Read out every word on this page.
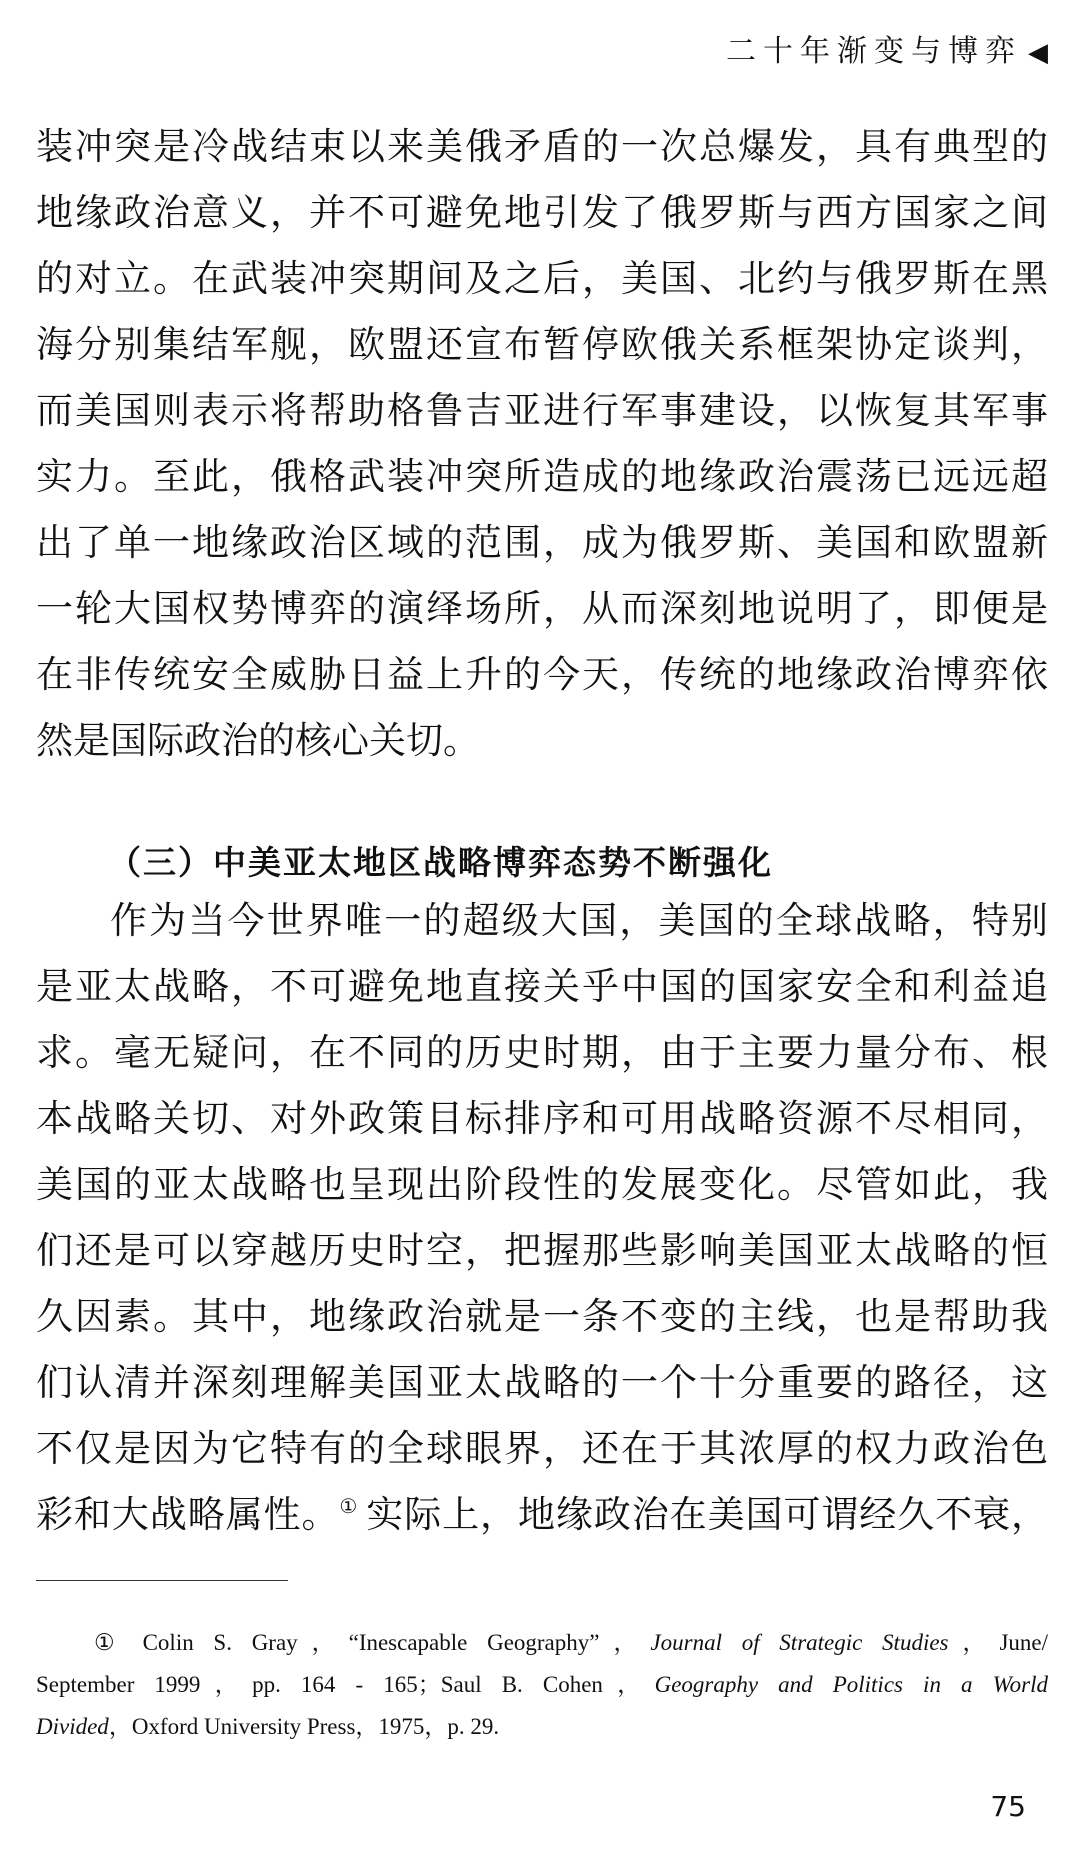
二十年渐变与博弈 ◀
装冲突是冷战结束以来美俄矛盾的一次总爆发，具有典型的
地缘政治意义，并不可避免地引发了俄罗斯与西方国家之间
的对立。在武装冲突期间及之后，美国、北约与俄罗斯在黑
海分别集结军舰，欧盟还宣布暂停欧俄关系框架协定谈判，
而美国则表示将帮助格鲁吉亚进行军事建设，以恢复其军事
实力。至此，俄格武装冲突所造成的地缘政治震荡已远远超
出了单一地缘政治区域的范围，成为俄罗斯、美国和欧盟新
一轮大国权势博弈的演绎场所，从而深刻地说明了，即便是
在非传统安全威胁日益上升的今天，传统的地缘政治博弈依
然是国际政治的核心关切。
（三）中美亚太地区战略博弈态势不断强化
作为当今世界唯一的超级大国，美国的全球战略，特别
是亚太战略，不可避免地直接关乎中国的国家安全和利益追
求。毫无疑问，在不同的历史时期，由于主要力量分布、根
本战略关切、对外政策目标排序和可用战略资源不尽相同，
美国的亚太战略也呈现出阶段性的发展变化。尽管如此，我
们还是可以穿越历史时空，把握那些影响美国亚太战略的恒
久因素。其中，地缘政治就是一条不变的主线，也是帮助我
们认清并深刻理解美国亚太战略的一个十分重要的路径，这
不仅是因为它特有的全球眼界，还在于其浓厚的权力政治色
彩和大战略属性。① 实际上，地缘政治在美国可谓经久不衰，
① Colin S. Gray，“Inescapable Geography”，Journal of Strategic Studies，June/
September 1999，pp. 164 - 165；Saul B. Cohen，Geography and Politics in a World
Divided，Oxford University Press，1975，p. 29.
75
